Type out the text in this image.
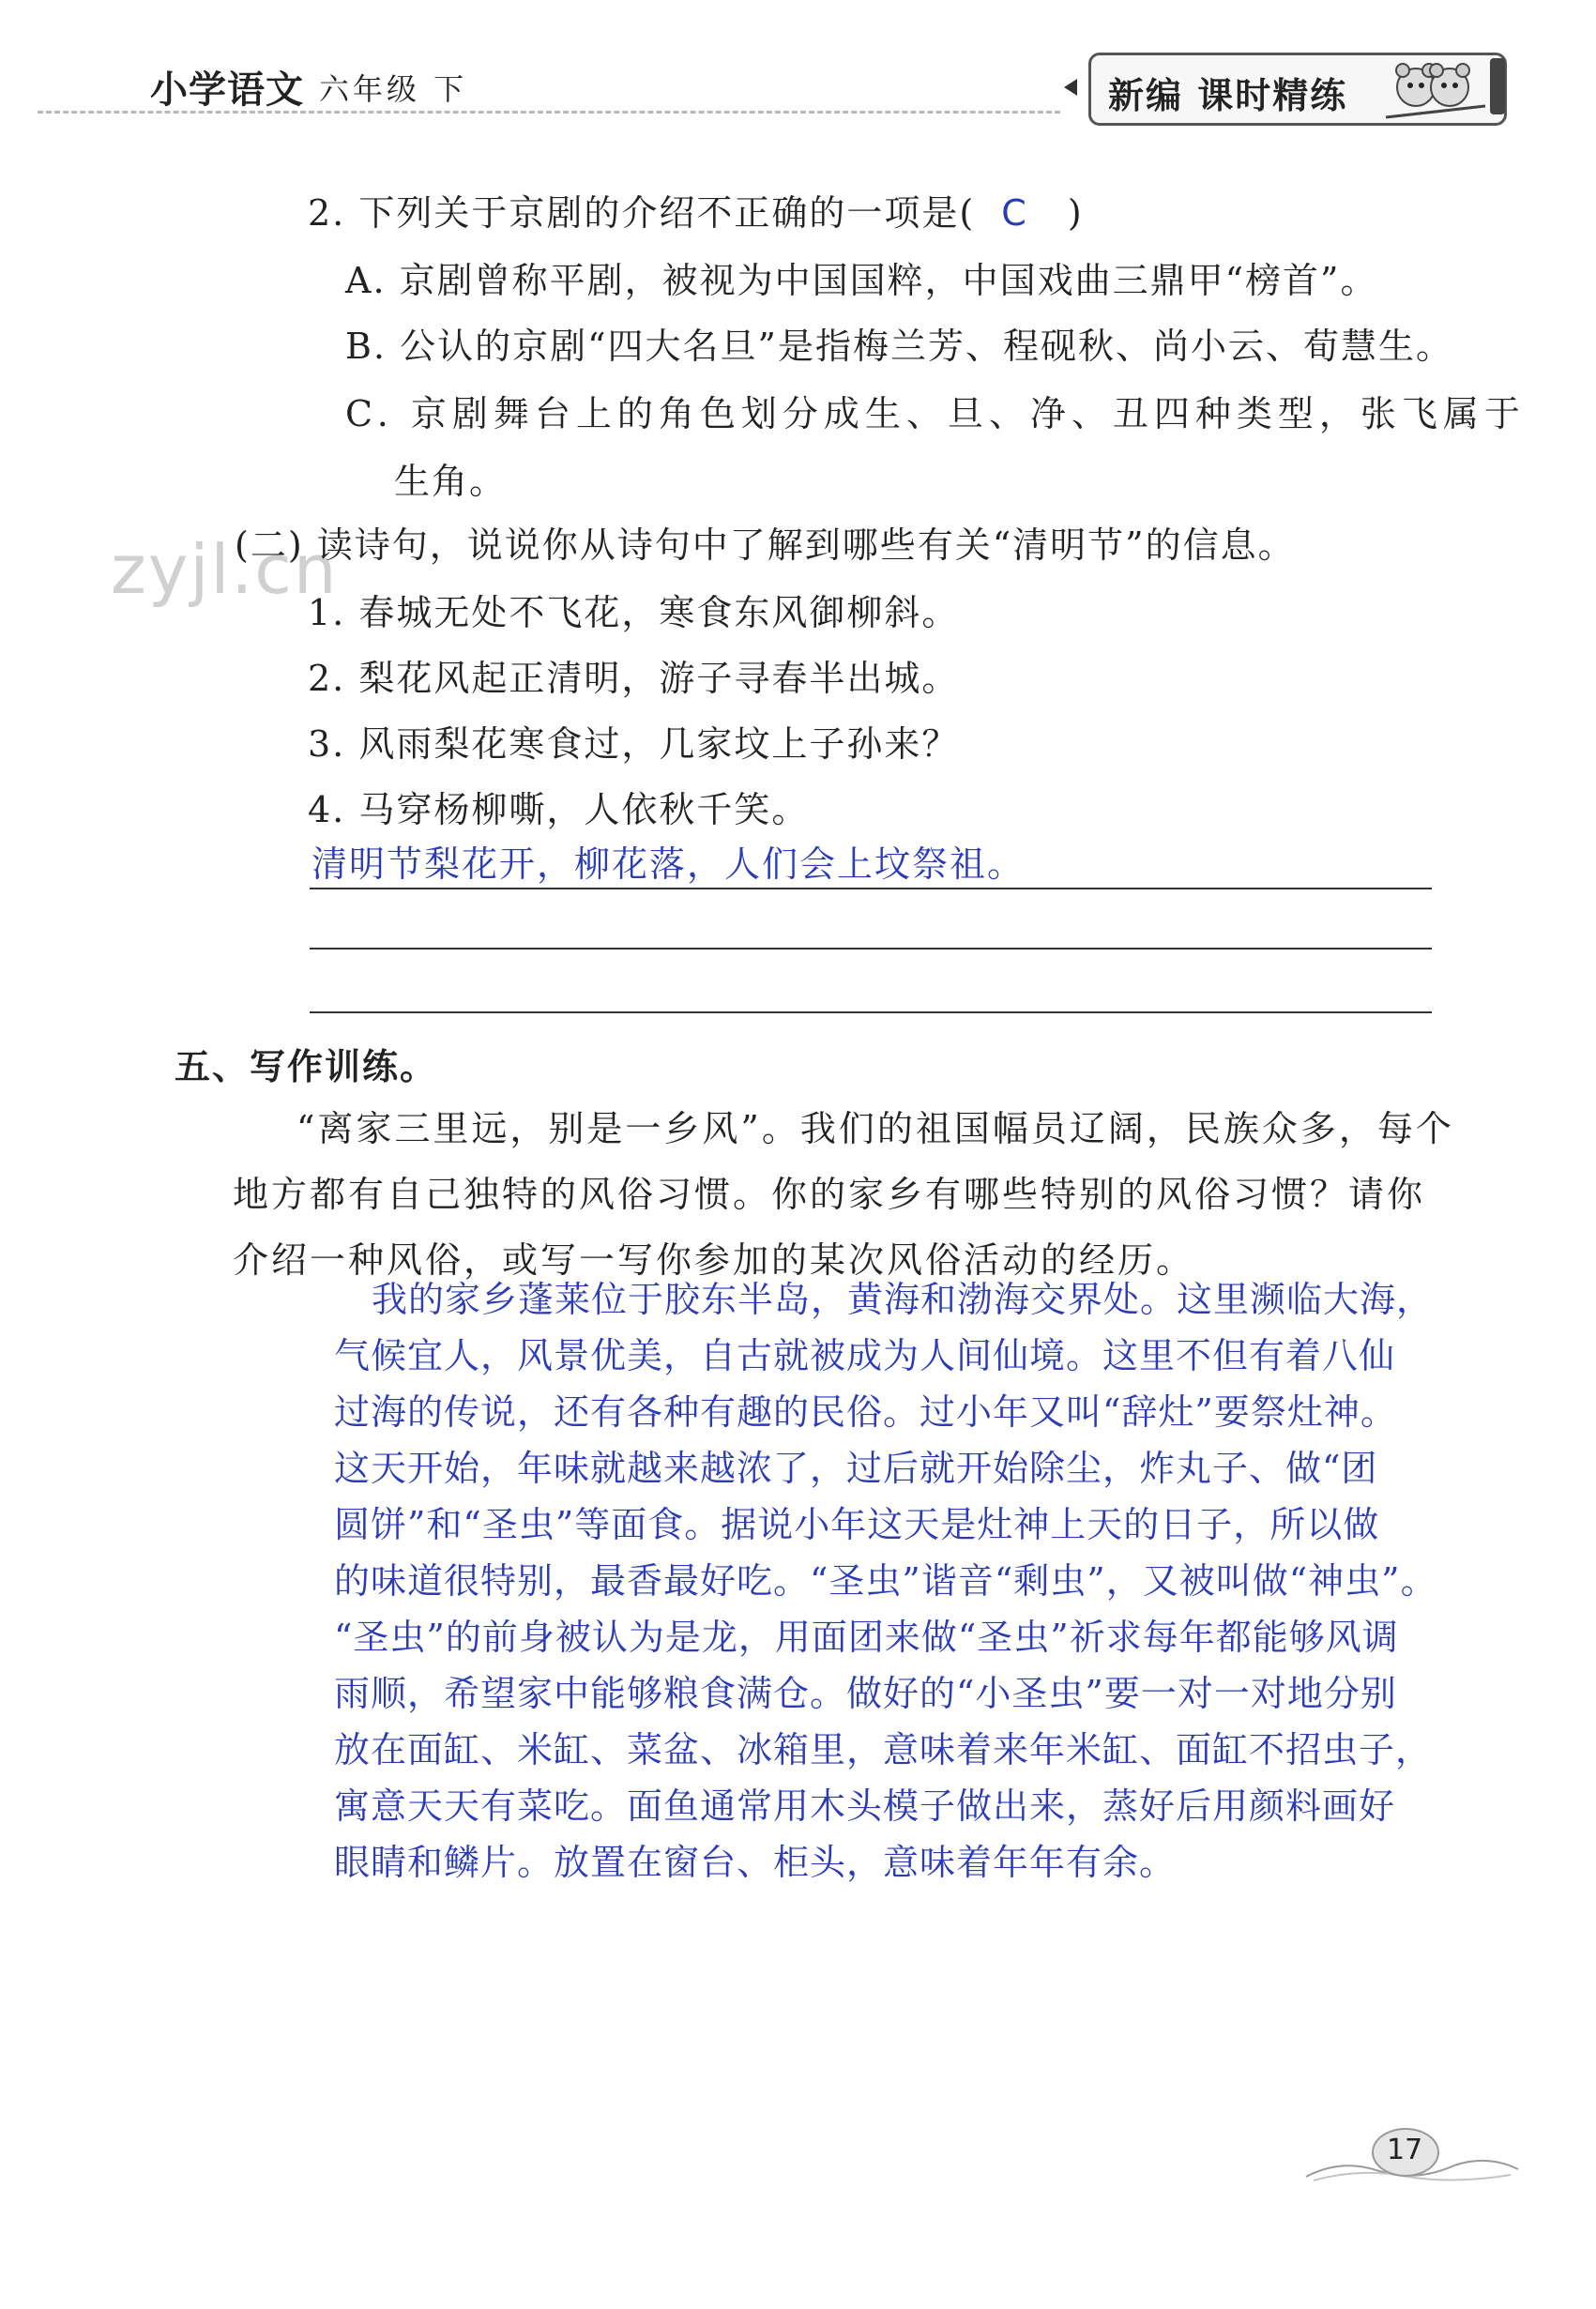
小学语文 六年级 下	新编 课时精练
2. 下列关于京剧的介绍不正确的一项是( C )
A. 京剧曾称平剧，被视为中国国粹，中国戏曲三鼎甲“榜首”。
B. 公认的京剧“四大名旦”是指梅兰芳、程砚秋、尚小云、荀慧生。
C. 京剧舞台上的角色划分成生、旦、净、丑四种类型，张飞属于
生角。
zyjl.cn
(二) 读诗句，说说你从诗句中了解到哪些有关“清明节”的信息。
1. 春城无处不飞花，寒食东风御柳斜。
2. 梨花风起正清明，游子寻春半出城。
3. 风雨梨花寒食过，几家坟上子孙来？
4. 马穿杨柳嘶，人依秋千笑。
清明节梨花开，柳花落，人们会上坟祭祖。
五、写作训练。
“离家三里远，别是一乡风”。我们的祖国幅员辽阔，民族众多，每个
地方都有自己独特的风俗习惯。你的家乡有哪些特别的风俗习惯？请你
介绍一种风俗，或写一写你参加的某次风俗活动的经历。
我的家乡蓬莱位于胶东半岛，黄海和渤海交界处。这里濒临大海，
气候宜人，风景优美，自古就被成为人间仙境。这里不但有着八仙
过海的传说，还有各种有趣的民俗。过小年又叫“辞灶”要祭灶神。
这天开始，年味就越来越浓了，过后就开始除尘，炸丸子、做“团
圆饼”和“圣虫”等面食。据说小年这天是灶神上天的日子，所以做
的味道很特别，最香最好吃。“圣虫”谐音“剩虫”，又被叫做“神虫”。
“圣虫”的前身被认为是龙，用面团来做“圣虫”祈求每年都能够风调
雨顺，希望家中能够粮食满仓。做好的“小圣虫”要一对一对地分别
放在面缸、米缸、菜盆、冰箱里，意味着来年米缸、面缸不招虫子，
寓意天天有菜吃。面鱼通常用木头模子做出来，蒸好后用颜料画好
眼睛和鳞片。放置在窗台、柜头，意味着年年有余。
17
